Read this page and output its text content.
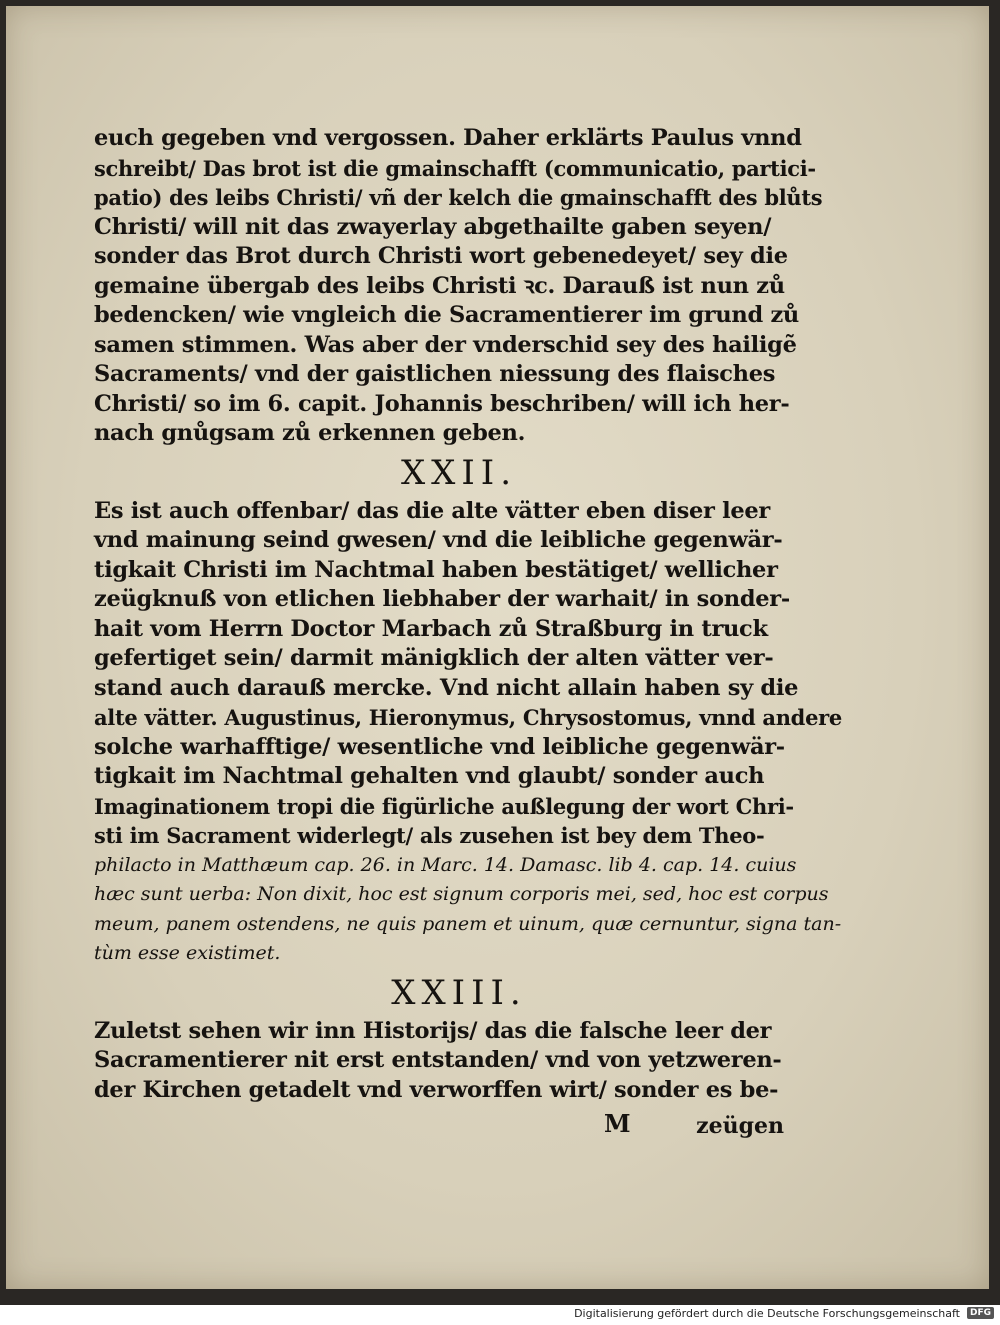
euch gegeben vnd vergossen. Daher erklärts Paulus vnnd
schreibt/ Das brot ist die gmainschafft (communicatio, partici-
patio) des leibs Christi/ vñ der kelch die gmainschafft des blůts
Christi/ will nit das zwayerlay abgethailte gaben seyen/
sonder das Brot durch Christi wort gebenedeyet/ sey die
gemaine übergab des leibs Christi ꝛc. Darauß ist nun zů
bedencken/ wie vngleich die Sacramentierer im grund zů
samen stimmen. Was aber der vnderschid sey des hailigẽ
Sacraments/ vnd der gaistlichen niessung des flaisches
Christi/ so im 6. capit. Johannis beschriben/ will ich her-
nach gnůgsam zů erkennen geben.
XXII.
Es ist auch offenbar/ das die alte vätter eben diser leer
vnd mainung seind gwesen/ vnd die leibliche gegenwär-
tigkait Christi im Nachtmal haben bestätiget/ wellicher
zeügknuß von etlichen liebhaber der warhait/ in sonder-
hait vom Herrn Doctor Marbach zů Straßburg in truck
gefertiget sein/ darmit mänigklich der alten vätter ver-
stand auch darauß mercke. Vnd nicht allain haben sy die
alte vätter. Augustinus, Hieronymus, Chrysostomus, vnnd andere
solche warhafftige/ wesentliche vnd leibliche gegenwär-
tigkait im Nachtmal gehalten vnd glaubt/ sonder auch
Imaginationem tropi die figürliche außlegung der wort Chri-
sti im Sacrament widerlegt/ als zusehen ist bey dem Theo-
philacto in Matthæum cap. 26. in Marc. 14. Damasc. lib 4. cap. 14. cuius
hæc sunt uerba: Non dixit, hoc est signum corporis mei, sed, hoc est corpus
meum, panem ostendens, ne quis panem et uinum, quæ cernuntur, signa tan-
tùm esse existimet.
XXIII.
Zuletst sehen wir inn Historijs/ das die falsche leer der
Sacramentierer nit erst entstanden/ vnd von yetzweren-
der Kirchen getadelt vnd verworffen wirt/ sonder es be-
M	zeügen
Digitalisierung gefördert durch die Deutsche Forschungsgemeinschaft	DFG
